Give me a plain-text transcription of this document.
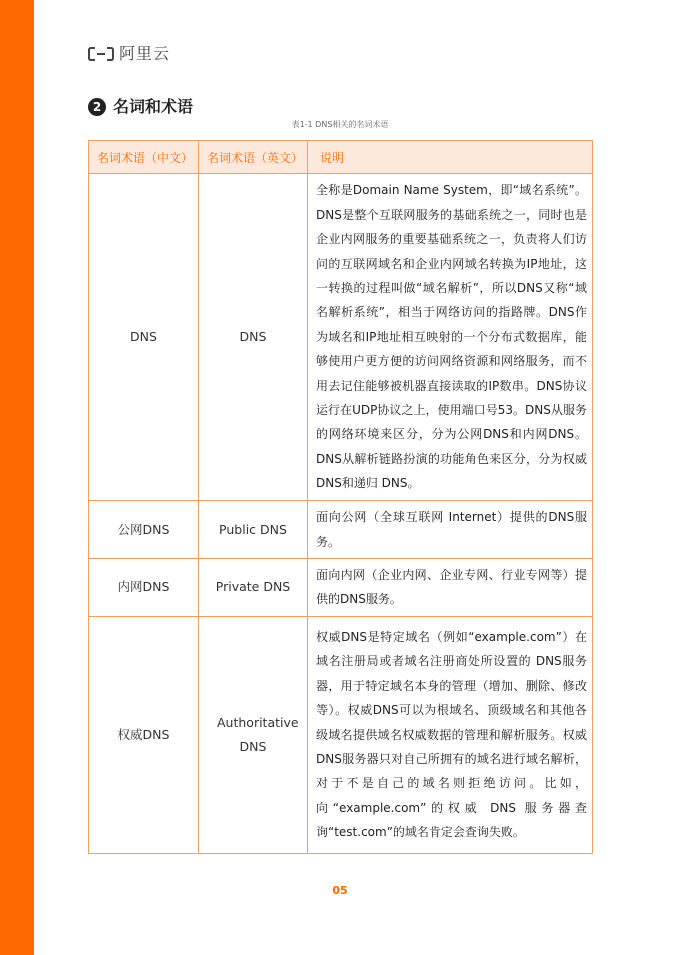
阿里云
2 名词和术语
表1-1 DNS相关的名词术语
名词术语（中文）	名词术语（英文）	说明
DNS	DNS	全称是Domain Name System，即“域名系统”。DNS是整个互联网服务的基础系统之一，同时也是企业内网服务的重要基础系统之一，负责将人们访问的互联网域名和企业内网域名转换为IP地址，这一转换的过程叫做“域名解析”，所以DNS又称“域名解析系统”，相当于网络访问的指路牌。DNS作为域名和IP地址相互映射的一个分布式数据库，能够使用户更方便的访问网络资源和网络服务，而不用去记住能够被机器直接读取的IP数串。DNS协议运行在UDP协议之上，使用端口号53。DNS从服务的网络环境来区分，分为公网DNS和内网DNS。DNS从解析链路扮演的功能角色来区分，分为权威DNS和递归 DNS。
公网DNS	Public DNS	面向公网（全球互联网 Internet）提供的DNS服务。
内网DNS	Private DNS	面向内网（企业内网、企业专网、行业专网等）提供的DNS服务。
权威DNS	Authoritative DNS	权威DNS是特定域名（例如“example.com”）在域名注册局或者域名注册商处所设置的 DNS服务器，用于特定域名本身的管理（增加、删除、修改等）。权威DNS可以为根域名、顶级域名和其他各级域名提供域名权威数据的管理和解析服务。权威DNS服务器只对自己所拥有的域名进行域名解析，对于不是自己的域名则拒绝访问。比如，向“example.com”的权威 DNS 服务器查询“test.com”的域名肯定会查询失败。
05
